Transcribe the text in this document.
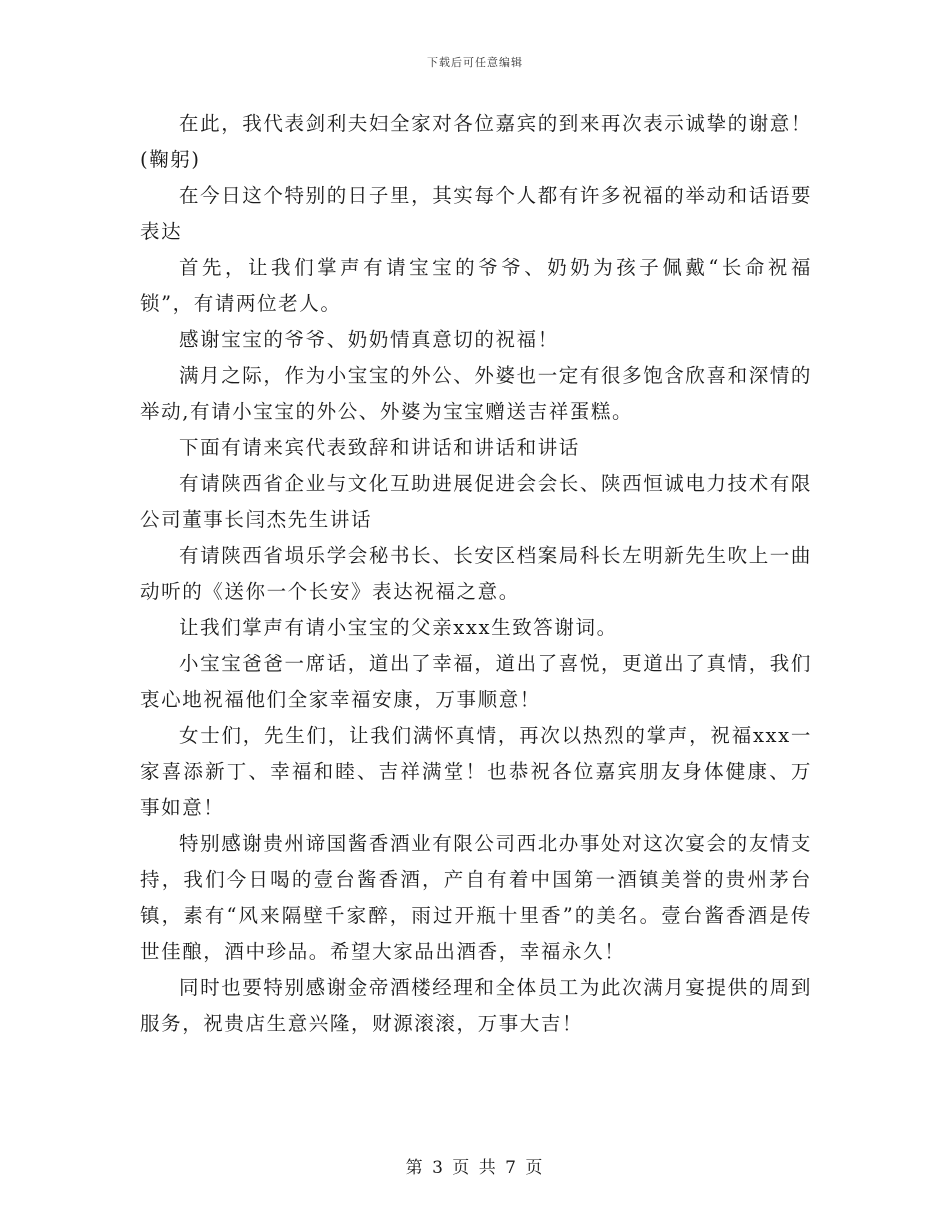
下载后可任意编辑

在此，我代表剑利夫妇全家对各位嘉宾的到来再次表示诚挚的谢意！(鞠躬)

在今日这个特别的日子里，其实每个人都有许多祝福的举动和话语要表达

首先，让我们掌声有请宝宝的爷爷、奶奶为孩子佩戴“长命祝福锁”，有请两位老人。

感谢宝宝的爷爷、奶奶情真意切的祝福！

满月之际，作为小宝宝的外公、外婆也一定有很多饱含欣喜和深情的举动,有请小宝宝的外公、外婆为宝宝赠送吉祥蛋糕。

下面有请来宾代表致辞和讲话和讲话和讲话

有请陕西省企业与文化互助进展促进会会长、陕西恒诚电力技术有限公司董事长闫杰先生讲话

有请陕西省埙乐学会秘书长、长安区档案局科长左明新先生吹上一曲动听的《送你一个长安》表达祝福之意。

让我们掌声有请小宝宝的父亲xxx生致答谢词。

小宝宝爸爸一席话，道出了幸福，道出了喜悦，更道出了真情，我们衷心地祝福他们全家幸福安康，万事顺意！

女士们，先生们，让我们满怀真情，再次以热烈的掌声，祝福xxx一家喜添新丁、幸福和睦、吉祥满堂！也恭祝各位嘉宾朋友身体健康、万事如意！

特别感谢贵州谛国酱香酒业有限公司西北办事处对这次宴会的友情支持，我们今日喝的壹台酱香酒，产自有着中国第一酒镇美誉的贵州茅台镇，素有“风来隔壁千家醉，雨过开瓶十里香”的美名。壹台酱香酒是传世佳酿，酒中珍品。希望大家品出酒香，幸福永久！

同时也要特别感谢金帝酒楼经理和全体员工为此次满月宴提供的周到服务，祝贵店生意兴隆，财源滚滚，万事大吉！

第 3 页 共 7 页
